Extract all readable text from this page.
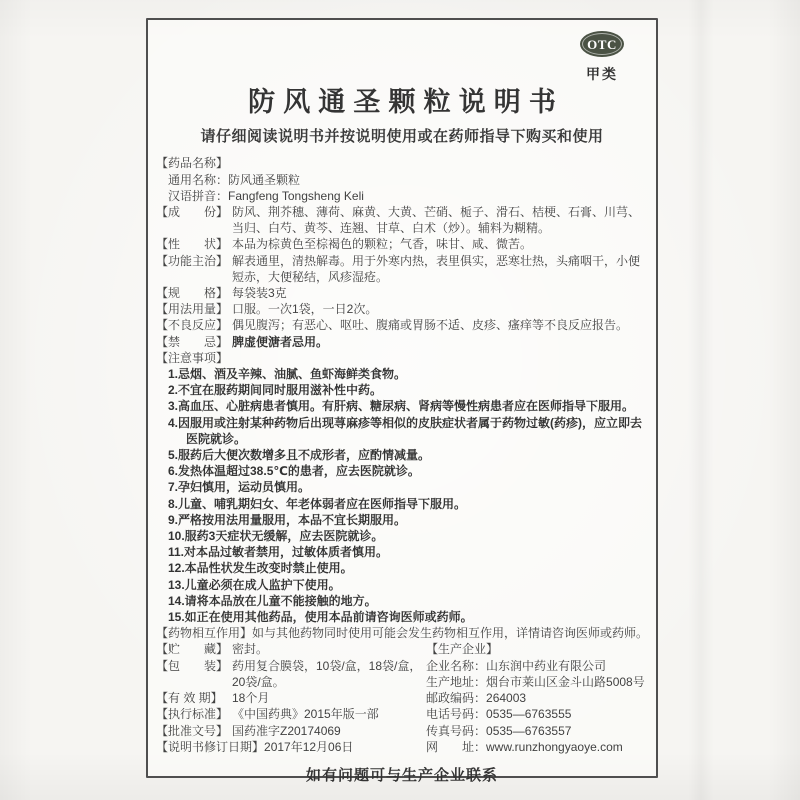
OTC
甲类
防风通圣颗粒说明书
请仔细阅读说明书并按说明使用或在药师指导下购买和使用
【药品名称】
通用名称：防风通圣颗粒
汉语拼音：Fangfeng Tongsheng Keli
【成　　份】 防风、荆芥穗、薄荷、麻黄、大黄、芒硝、栀子、滑石、桔梗、石膏、川芎、当归、白芍、黄芩、连翘、甘草、白术（炒）。辅料为糊精。
【性　　状】 本品为棕黄色至棕褐色的颗粒；气香，味甘、咸、微苦。
【功能主治】 解表通里，清热解毒。用于外寒内热，表里俱实，恶寒壮热，头痛咽干，小便短赤，大便秘结，风疹湿疮。
【规　　格】 每袋装3克
【用法用量】 口服。一次1袋，一日2次。
【不良反应】 偶见腹泻；有恶心、呕吐、腹痛或胃肠不适、皮疹、瘙痒等不良反应报告。
【禁　　忌】 脾虚便溏者忌用。
【注意事项】
1.忌烟、酒及辛辣、油腻、鱼虾海鲜类食物。
2.不宜在服药期间同时服用滋补性中药。
3.高血压、心脏病患者慎用。有肝病、糖尿病、肾病等慢性病患者应在医师指导下服用。
4.因服用或注射某种药物后出现荨麻疹等相似的皮肤症状者属于药物过敏(药疹)，应立即去医院就诊。
5.服药后大便次数增多且不成形者，应酌情减量。
6.发热体温超过38.5℃的患者，应去医院就诊。
7.孕妇慎用，运动员慎用。
8.儿童、哺乳期妇女、年老体弱者应在医师指导下服用。
9.严格按用法用量服用，本品不宜长期服用。
10.服药3天症状无缓解，应去医院就诊。
11.对本品过敏者禁用，过敏体质者慎用。
12.本品性状发生改变时禁止使用。
13.儿童必须在成人监护下使用。
14.请将本品放在儿童不能接触的地方。
15.如正在使用其他药品，使用本品前请咨询医师或药师。
【药物相互作用】如与其他药物同时使用可能会发生药物相互作用，详情请咨询医师或药师。
【贮　　藏】 密封。
【包　　装】 药用复合膜袋，10袋/盒，18袋/盒，20袋/盒。
【有 效 期】 18个月
【执行标准】 《中国药典》2015年版一部
【批准文号】 国药准字Z20174069
【说明书修订日期】2017年12月06日
【生产企业】
企业名称：山东润中药业有限公司
生产地址：烟台市莱山区金斗山路5008号
邮政编码：264003
电话号码：0535—6763555
传真号码：0535—6763557
网　　址：www.runzhongyaoye.com
如有问题可与生产企业联系
